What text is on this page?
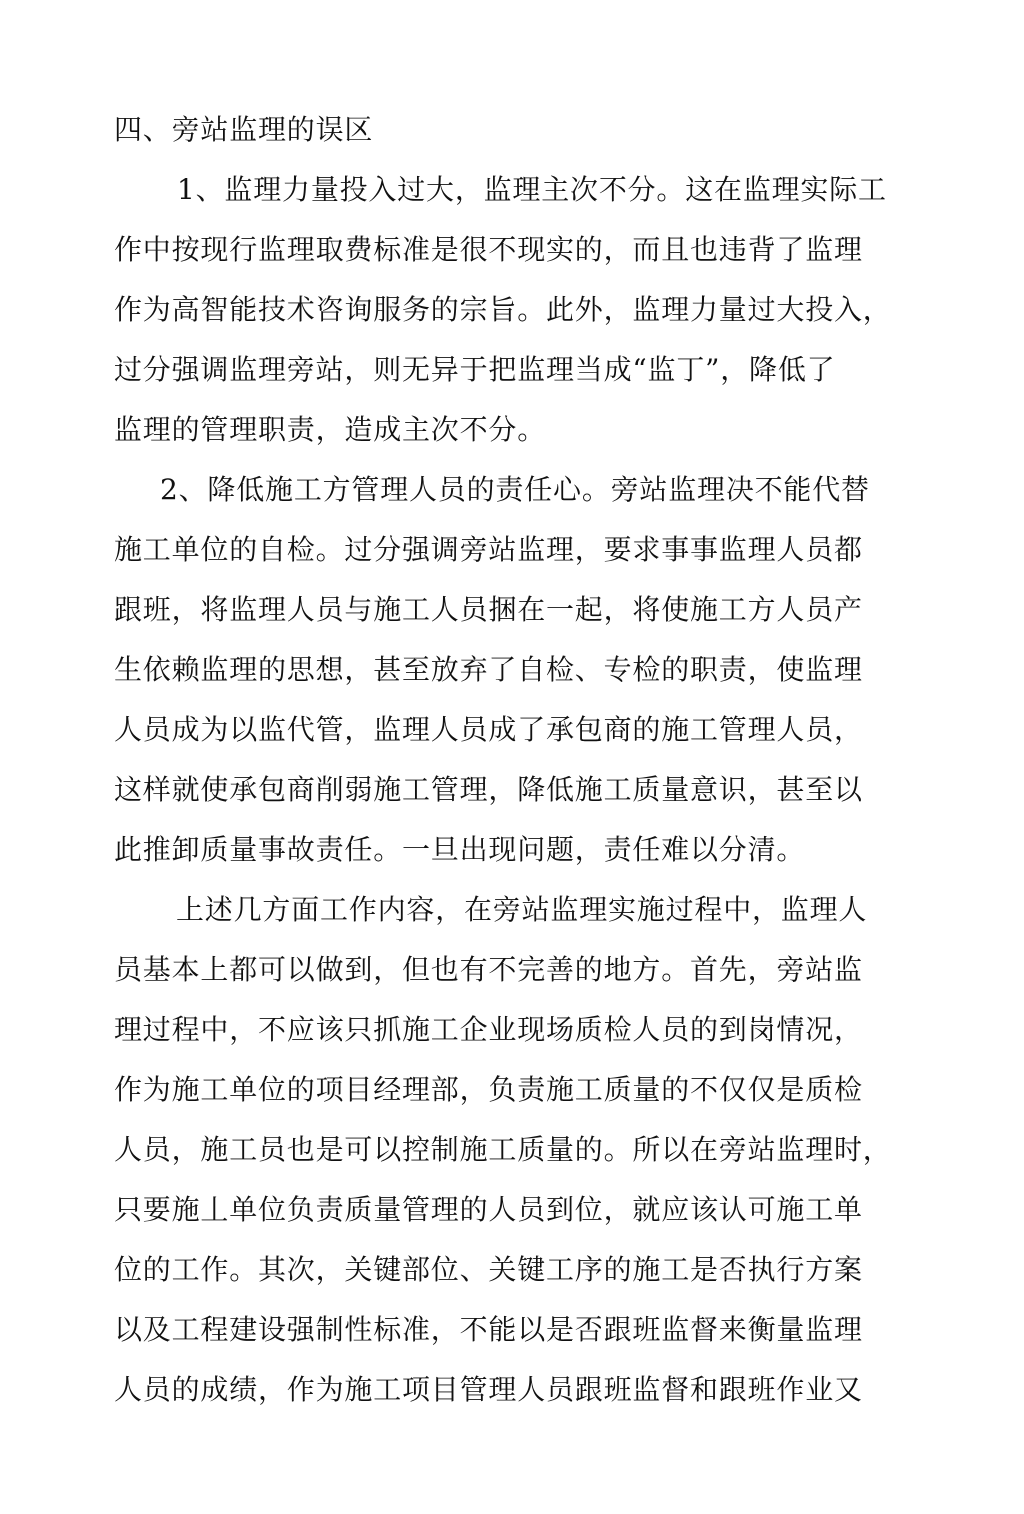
四、旁站监理的误区
1、监理力量投入过大，监理主次不分。这在监理实际工
作中按现行监理取费标准是很不现实的，而且也违背了监理
作为高智能技术咨询服务的宗旨。此外，监理力量过大投入，
过分强调监理旁站，则无异于把监理当成“监丁”，降低了
监理的管理职责，造成主次不分。
2、降低施工方管理人员的责任心。旁站监理决不能代替
施工单位的自检。过分强调旁站监理，要求事事监理人员都
跟班，将监理人员与施工人员捆在一起，将使施工方人员产
生依赖监理的思想，甚至放弃了自检、专检的职责，使监理
人员成为以监代管，监理人员成了承包商的施工管理人员，
这样就使承包商削弱施工管理，降低施工质量意识，甚至以
此推卸质量事故责任。一旦出现问题，责任难以分清。
上述几方面工作内容，在旁站监理实施过程中，监理人
员基本上都可以做到，但也有不完善的地方。首先，旁站监
理过程中，不应该只抓施工企业现场质检人员的到岗情况，
作为施工单位的项目经理部，负责施工质量的不仅仅是质检
人员，施工员也是可以控制施工质量的。所以在旁站监理时，
只要施丄单位负责质量管理的人员到位，就应该认可施工单
位的工作。其次，关键部位、关键工序的施工是否执行方案
以及工程建设强制性标准，不能以是否跟班监督来衡量监理
人员的成绩，作为施工项目管理人员跟班监督和跟班作业又
